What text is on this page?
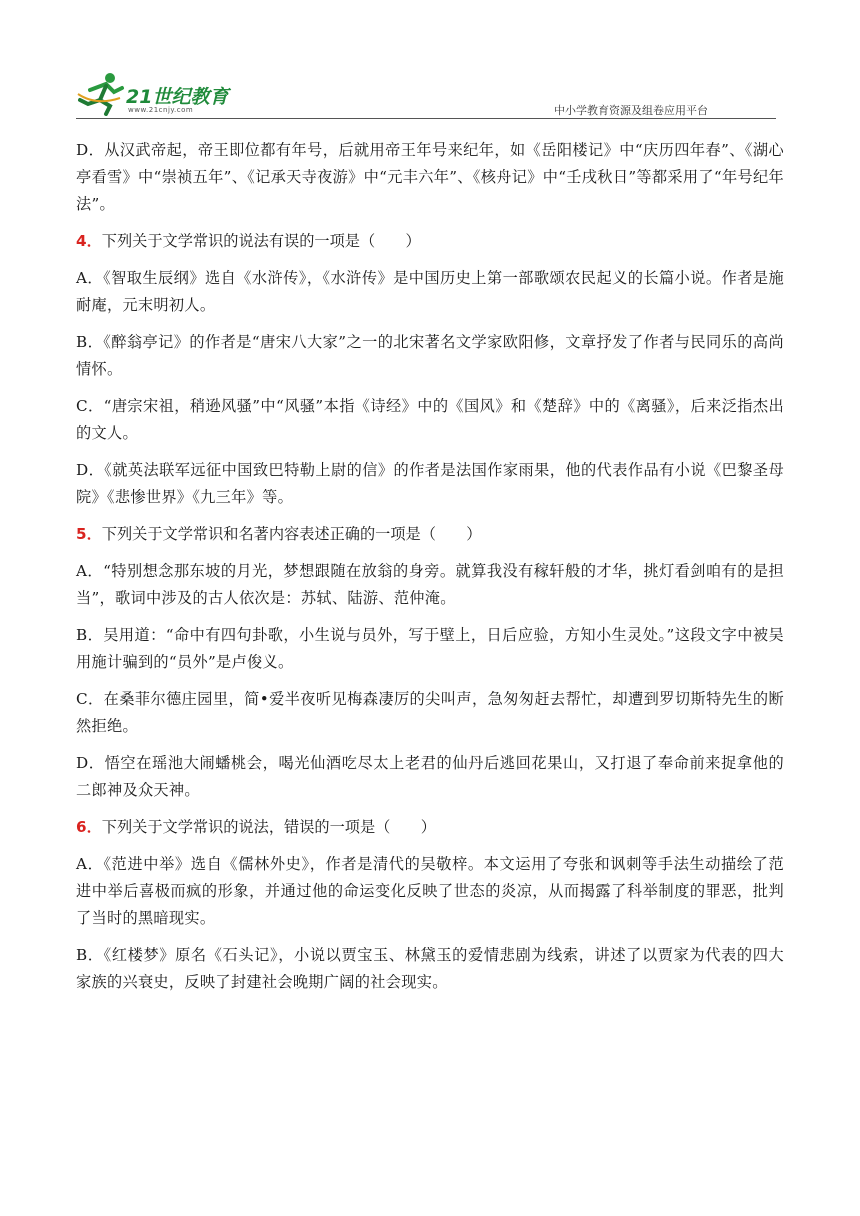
21世纪教育
www.21cnjy.com	中小学教育资源及组卷应用平台

D．从汉武帝起，帝王即位都有年号，后就用帝王年号来纪年，如《岳阳楼记》中“庆历四年春”、《湖心亭看雪》中“崇祯五年”、《记承天寺夜游》中“元丰六年”、《核舟记》中“壬戌秋日”等都采用了“年号纪年法”。

4．下列关于文学常识的说法有误的一项是（　　）

A．《智取生辰纲》选自《水浒传》，《水浒传》是中国历史上第一部歌颂农民起义的长篇小说。作者是施耐庵，元末明初人。

B．《醉翁亭记》的作者是“唐宋八大家”之一的北宋著名文学家欧阳修，文章抒发了作者与民同乐的高尚情怀。

C．“唐宗宋祖，稍逊风骚”中“风骚”本指《诗经》中的《国风》和《楚辞》中的《离骚》，后来泛指杰出的文人。

D．《就英法联军远征中国致巴特勒上尉的信》的作者是法国作家雨果，他的代表作品有小说《巴黎圣母院》《悲惨世界》《九三年》等。

5．下列关于文学常识和名著内容表述正确的一项是（　　）

A．“特别想念那东坡的月光，梦想跟随在放翁的身旁。就算我没有稼轩般的才华，挑灯看剑咱有的是担当”，歌词中涉及的古人依次是：苏轼、陆游、范仲淹。

B．吴用道：“命中有四句卦歌，小生说与员外，写于壁上，日后应验，方知小生灵处。”这段文字中被吴用施计骗到的“员外”是卢俊义。

C．在桑菲尔德庄园里，简•爱半夜听见梅森凄厉的尖叫声，急匆匆赶去帮忙，却遭到罗切斯特先生的断然拒绝。

D．悟空在瑶池大闹蟠桃会，喝光仙酒吃尽太上老君的仙丹后逃回花果山，又打退了奉命前来捉拿他的二郎神及众天神。

6．下列关于文学常识的说法，错误的一项是（　　）

A．《范进中举》选自《儒林外史》，作者是清代的吴敬梓。本文运用了夸张和讽刺等手法生动描绘了范进中举后喜极而疯的形象，并通过他的命运变化反映了世态的炎凉，从而揭露了科举制度的罪恶，批判了当时的黑暗现实。

B．《红楼梦》原名《石头记》，小说以贾宝玉、林黛玉的爱情悲剧为线索，讲述了以贾家为代表的四大家族的兴衰史，反映了封建社会晚期广阔的社会现实。
